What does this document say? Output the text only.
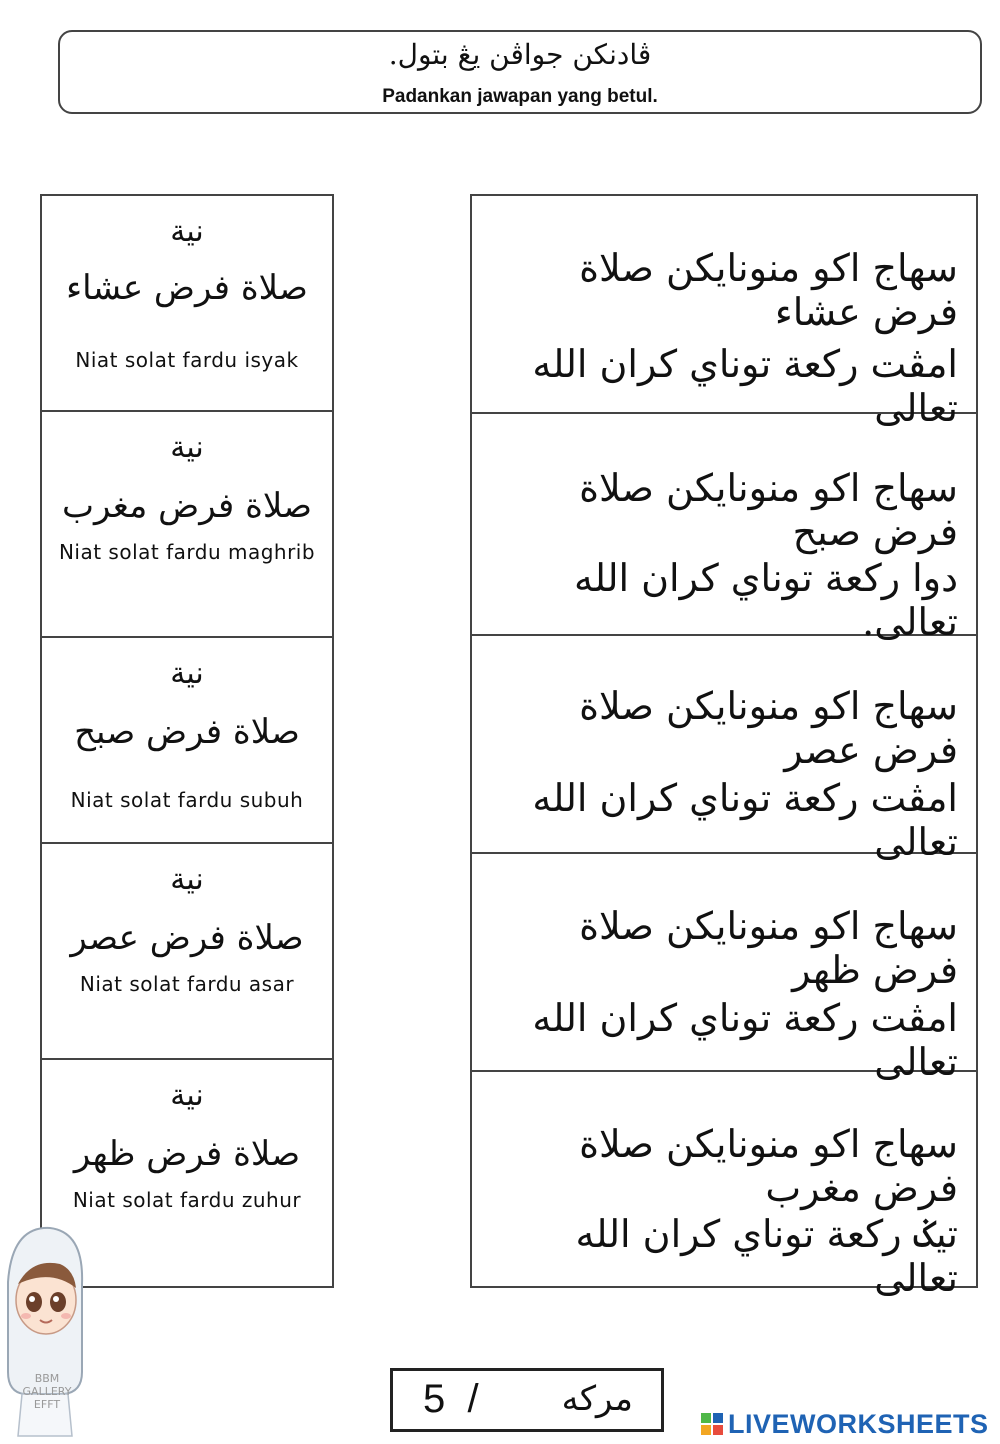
ڤادنكن جواڤن يڠ بتول.
Padankan jawapan yang betul.
نية
صلاة فرض عشاء
Niat solat fardu isyak
نية
صلاة فرض مغرب
Niat solat fardu maghrib
نية
صلاة فرض صبح
Niat solat fardu subuh
نية
صلاة فرض عصر
Niat solat fardu asar
نية
صلاة فرض ظهر
Niat solat fardu zuhur
سهاج اكو منونايكن صلاة فرض عشاء
امڤت ركعة توناي كران الله تعالى
سهاج اكو منونايكن صلاة فرض صبح
دوا ركعة توناي كران الله تعالى.
سهاج اكو منونايكن صلاة فرض عصر
امڤت ركعة توناي كران الله تعالى
سهاج اكو منونايكن صلاة فرض ظهر
امڤت ركعة توناي كران الله تعالى
سهاج اكو منونايكن صلاة فرض مغرب
تيݢ ركعة توناي كران الله تعالى
BBM GALLERY EFFT	5  / مركه
LIVEWORKSHEETS
